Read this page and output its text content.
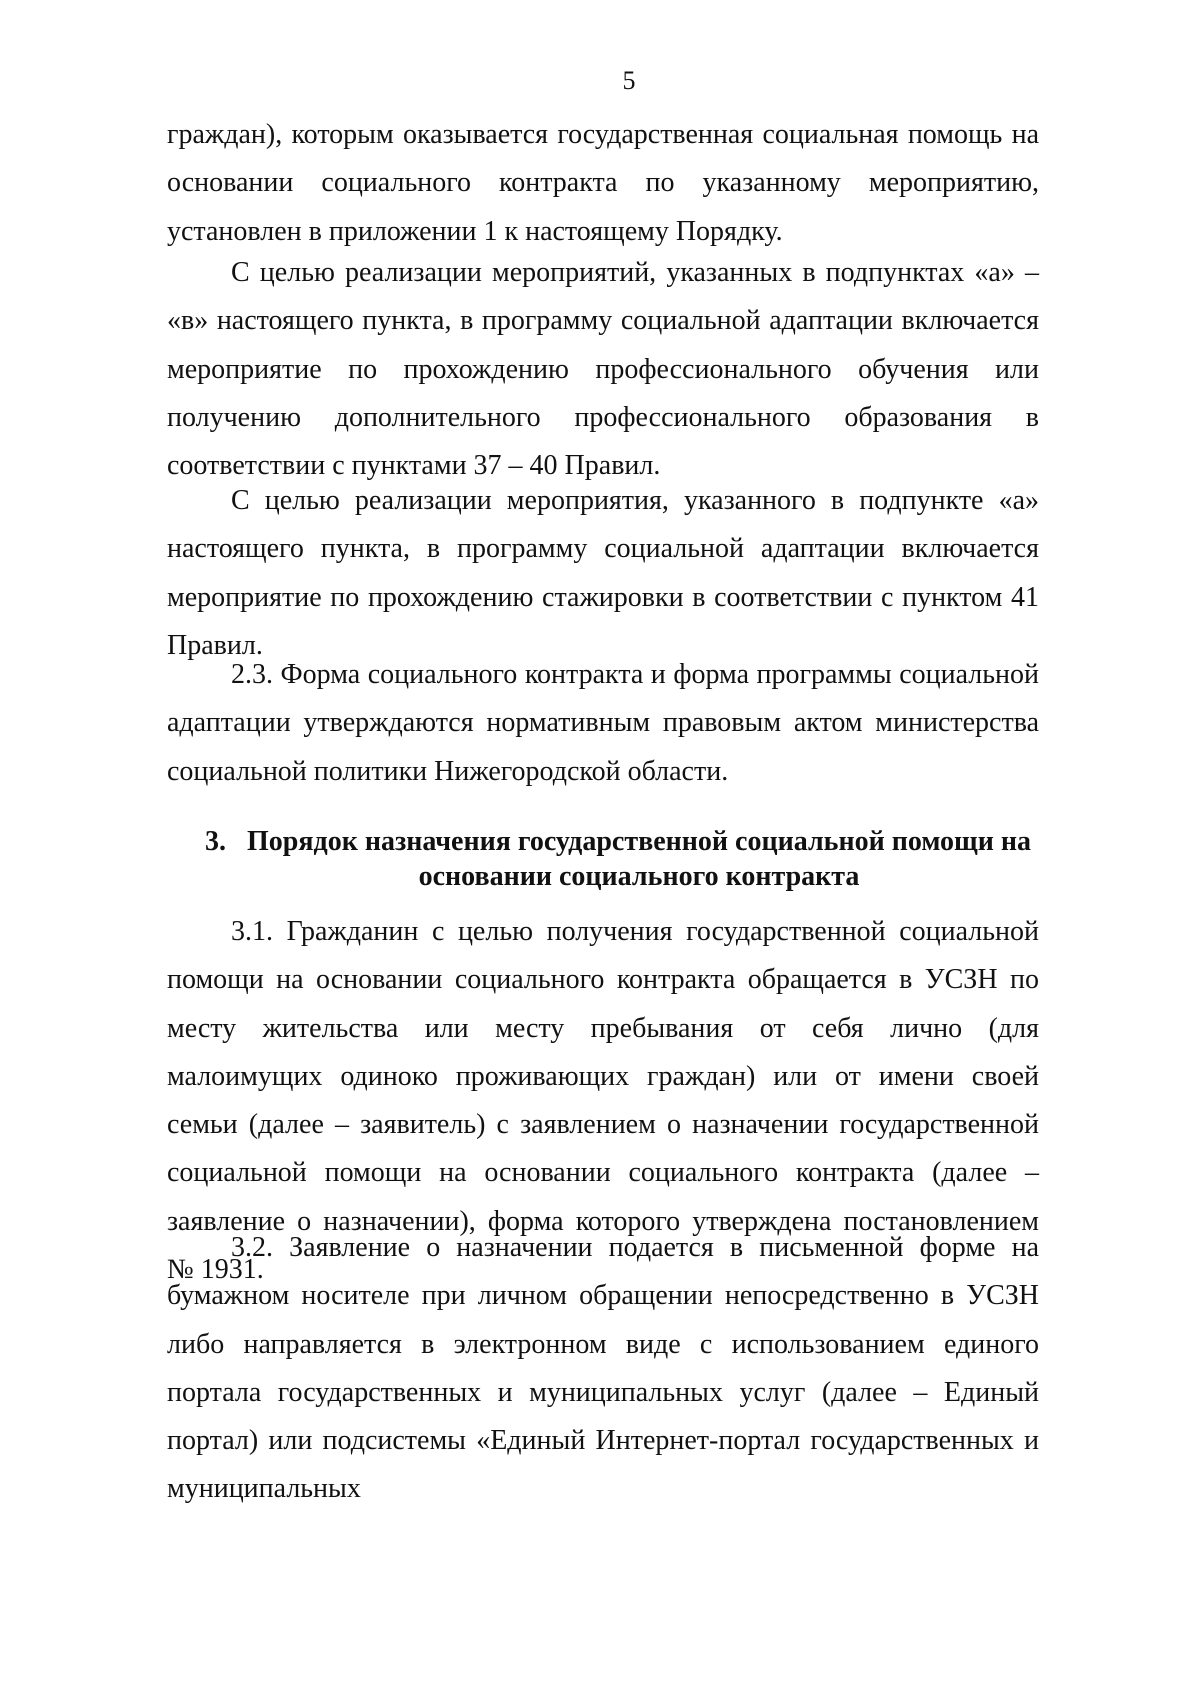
5
граждан), которым оказывается государственная социальная помощь на основании социального контракта по указанному мероприятию, установлен в приложении 1 к настоящему Порядку.
С целью реализации мероприятий, указанных в подпунктах «а» – «в» настоящего пункта, в программу социальной адаптации включается мероприятие по прохождению профессионального обучения или получению дополнительного профессионального образования в соответствии с пунктами 37 – 40 Правил.
С целью реализации мероприятия, указанного в подпункте «а» настоящего пункта, в программу социальной адаптации включается мероприятие по прохождению стажировки в соответствии с пунктом 41 Правил.
2.3. Форма социального контракта и форма программы социальной адаптации утверждаются нормативным правовым актом министерства социальной политики Нижегородской области.
3. Порядок назначения государственной социальной помощи на основании социального контракта
3.1. Гражданин с целью получения государственной социальной помощи на основании социального контракта обращается в УСЗН по месту жительства или месту пребывания от себя лично (для малоимущих одиноко проживающих граждан) или от имени своей семьи (далее – заявитель) с заявлением о назначении государственной социальной помощи на основании социального контракта (далее – заявление о назначении), форма которого утверждена постановлением № 1931.
3.2. Заявление о назначении подается в письменной форме на бумажном носителе при личном обращении непосредственно в УСЗН либо направляется в электронном виде с использованием единого портала государственных и муниципальных услуг (далее – Единый портал) или подсистемы «Единый Интернет-портал государственных и муниципальных
